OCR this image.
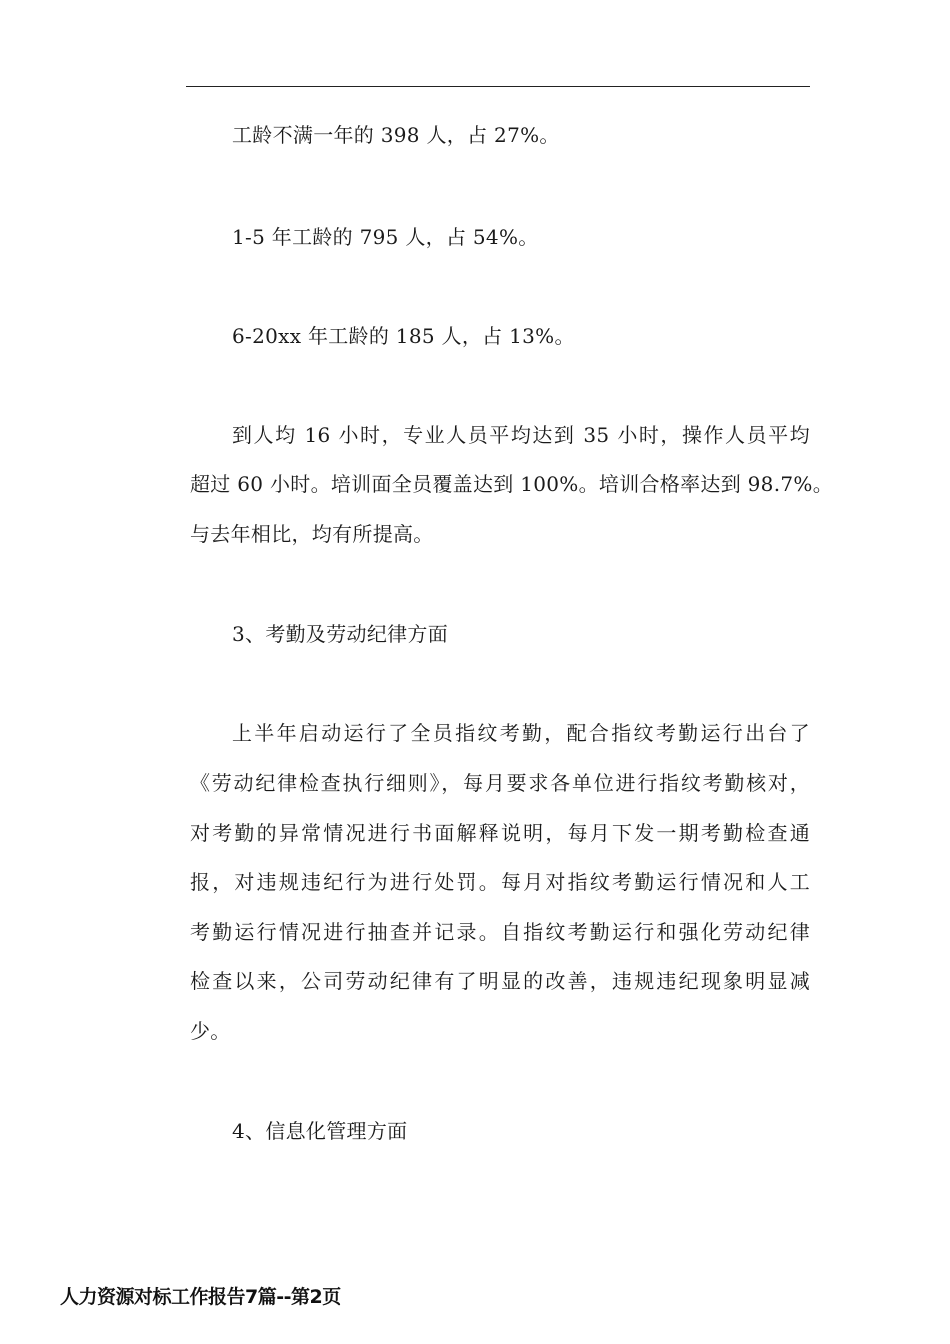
工龄不满一年的 398 人，占 27%。
1-5 年工龄的 795 人，占 54%。
6-20xx 年工龄的 185 人，占 13%。
到人均 16 小时，专业人员平均达到 35 小时，操作人员平均
超过 60 小时。培训面全员覆盖达到 100%。培训合格率达到 98.7%。
与去年相比，均有所提高。
3、考勤及劳动纪律方面
上半年启动运行了全员指纹考勤，配合指纹考勤运行出台了
《劳动纪律检查执行细则》，每月要求各单位进行指纹考勤核对，
对考勤的异常情况进行书面解释说明，每月下发一期考勤检查通
报，对违规违纪行为进行处罚。每月对指纹考勤运行情况和人工
考勤运行情况进行抽查并记录。自指纹考勤运行和强化劳动纪律
检查以来，公司劳动纪律有了明显的改善，违规违纪现象明显减
少。
4、信息化管理方面
人力资源对标工作报告7篇--第2页
